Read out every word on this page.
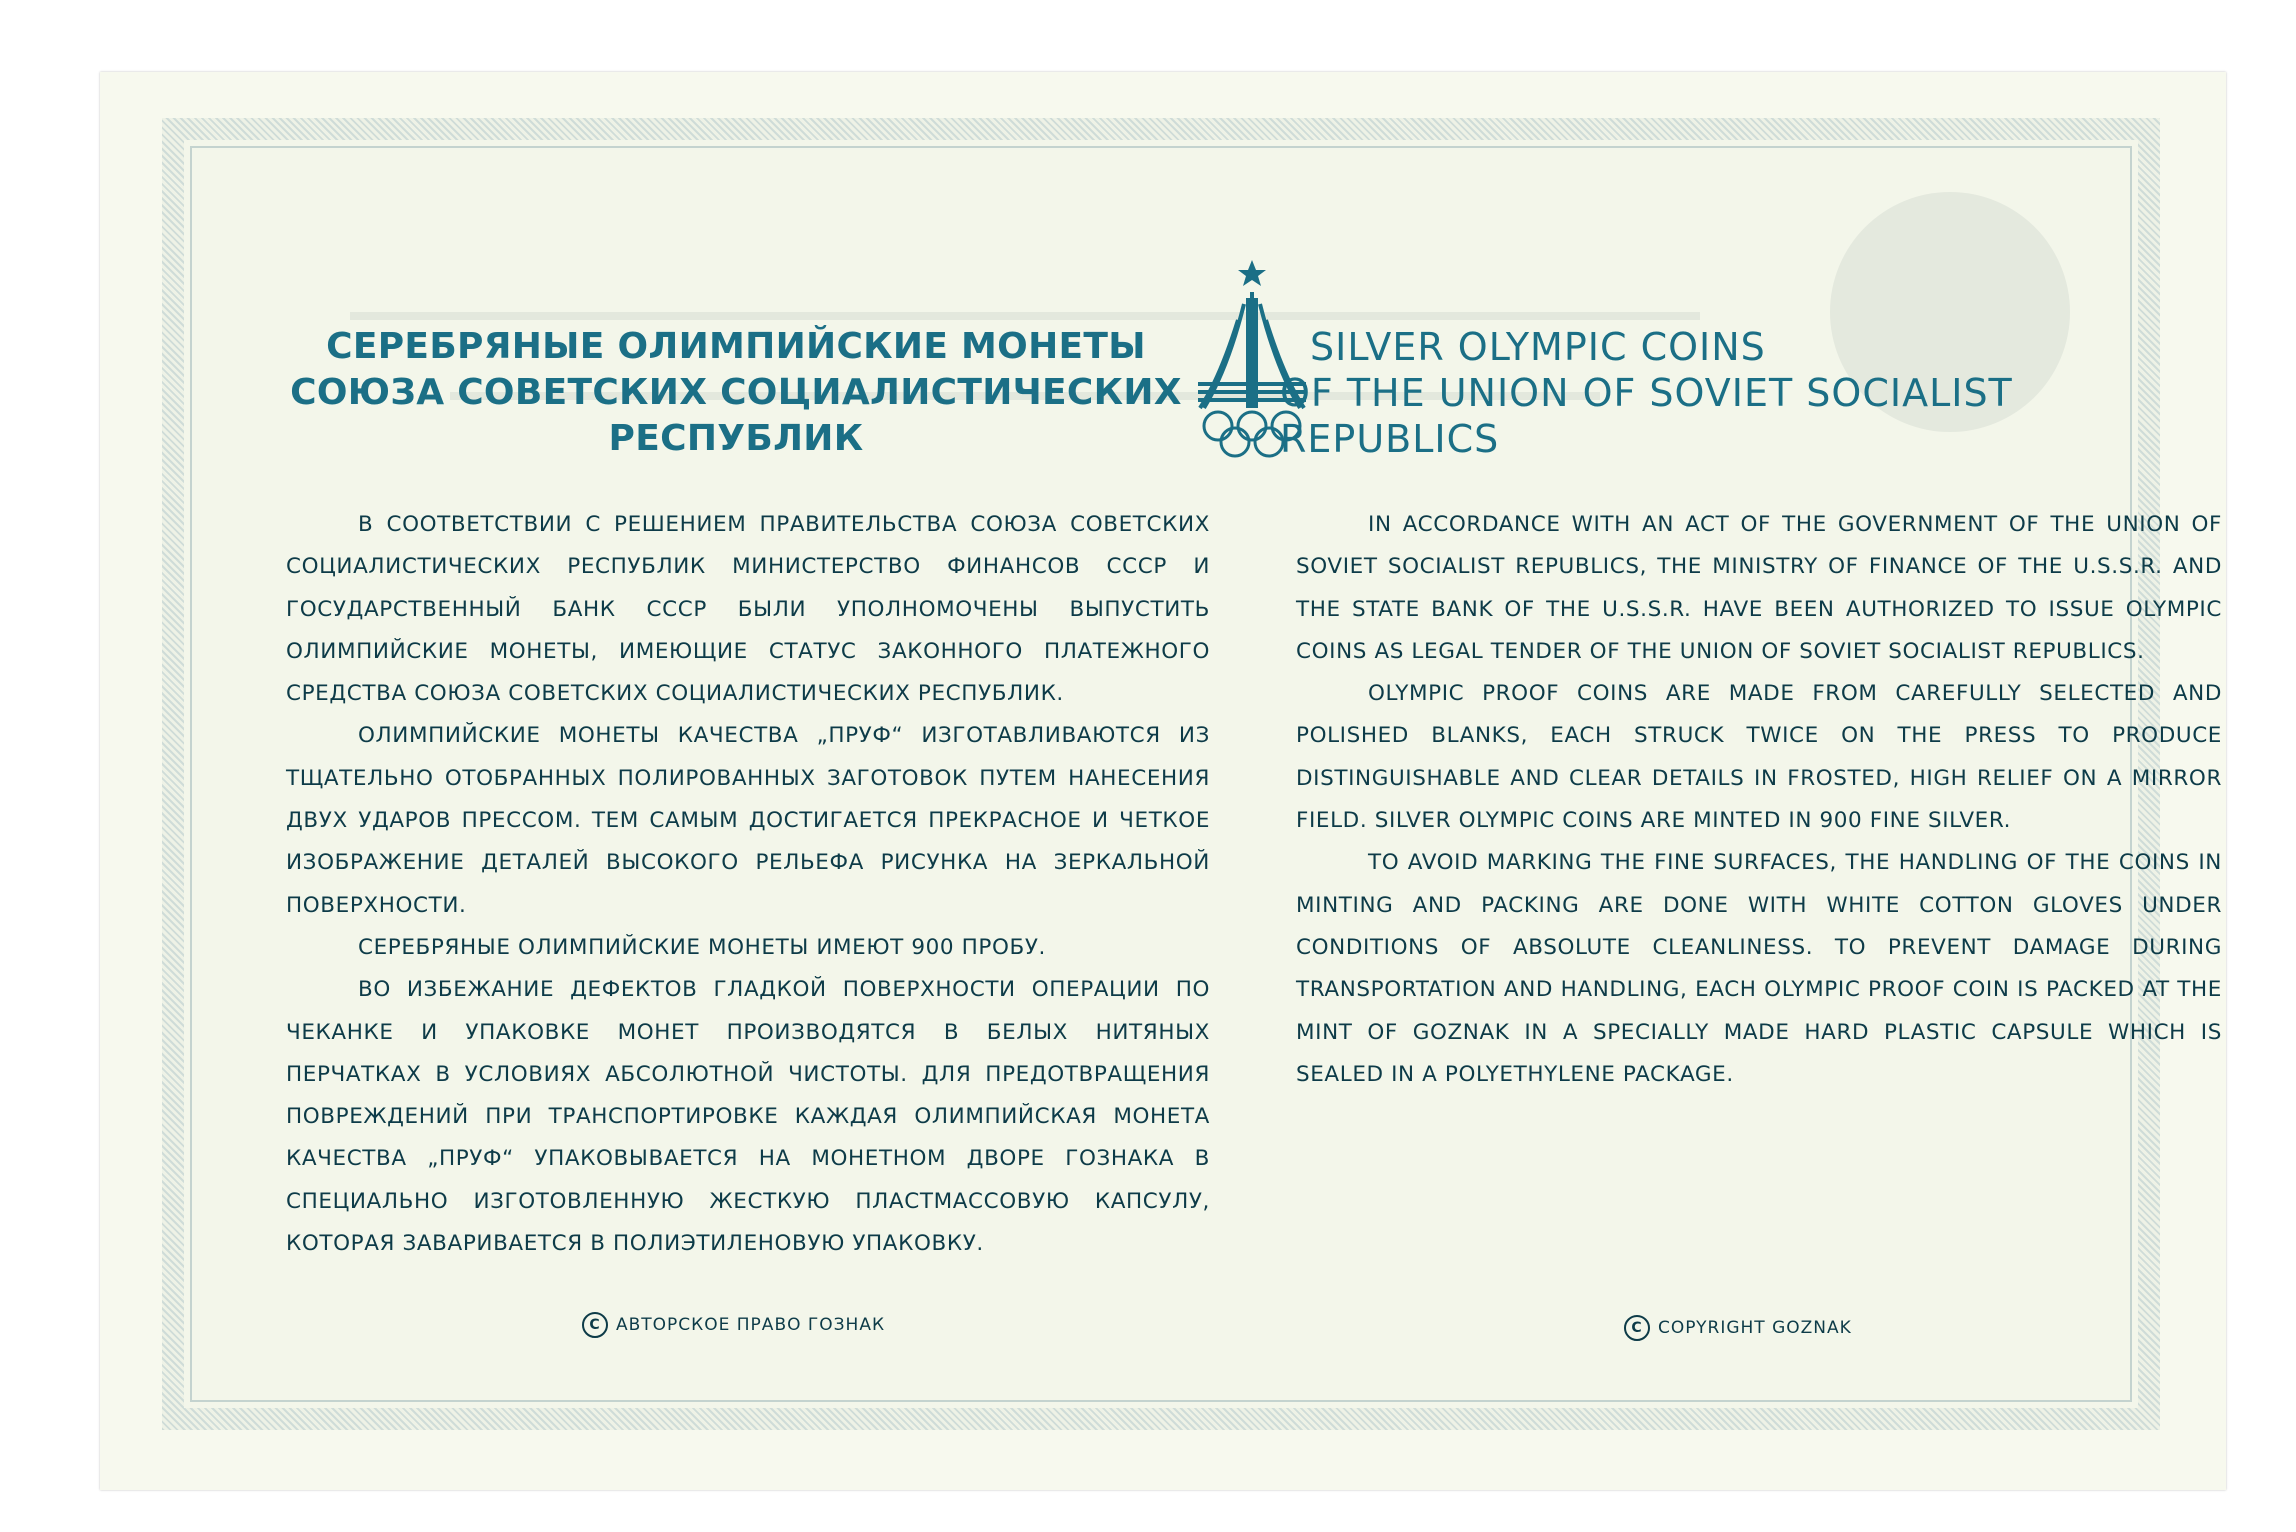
СЕРЕБРЯНЫЕ ОЛИМПИЙСКИЕ МОНЕТЫ
СОЮЗА СОВЕТСКИХ СОЦИАЛИСТИЧЕСКИХ РЕСПУБЛИК
SILVER OLYMPIC COINS
OF THE UNION OF SOVIET SOCIALIST REPUBLICS

В СООТВЕТСТВИИ С РЕШЕНИЕМ ПРАВИТЕЛЬСТВА СОЮЗА СОВЕТСКИХ СОЦИАЛИСТИЧЕСКИХ РЕСПУБЛИК МИНИСТЕРСТВО ФИНАНСОВ СССР И ГОСУДАРСТВЕННЫЙ БАНК СССР БЫЛИ УПОЛНОМОЧЕНЫ ВЫПУСТИТЬ ОЛИМПИЙСКИЕ МОНЕТЫ, ИМЕЮЩИЕ СТАТУС ЗАКОННОГО ПЛАТЕЖНОГО СРЕДСТВА СОЮЗА СОВЕТСКИХ СОЦИАЛИСТИЧЕСКИХ РЕСПУБЛИК.

ОЛИМПИЙСКИЕ МОНЕТЫ КАЧЕСТВА „ПРУФ“ ИЗГОТАВЛИВАЮТСЯ ИЗ ТЩАТЕЛЬНО ОТОБРАННЫХ ПОЛИРОВАННЫХ ЗАГОТОВОК ПУТЕМ НАНЕСЕНИЯ ДВУХ УДАРОВ ПРЕССОМ. ТЕМ САМЫМ ДОСТИГАЕТСЯ ПРЕКРАСНОЕ И ЧЕТКОЕ ИЗОБРАЖЕНИЕ ДЕТАЛЕЙ ВЫСОКОГО РЕЛЬЕФА РИСУНКА НА ЗЕРКАЛЬНОЙ ПОВЕРХНОСТИ.

СЕРЕБРЯНЫЕ ОЛИМПИЙСКИЕ МОНЕТЫ ИМЕЮТ 900 ПРОБУ.

ВО ИЗБЕЖАНИЕ ДЕФЕКТОВ ГЛАДКОЙ ПОВЕРХНОСТИ ОПЕРАЦИИ ПО ЧЕКАНКЕ И УПАКОВКЕ МОНЕТ ПРОИЗВОДЯТСЯ В БЕЛЫХ НИТЯНЫХ ПЕРЧАТКАХ В УСЛОВИЯХ АБСОЛЮТНОЙ ЧИСТОТЫ. ДЛЯ ПРЕДОТВРАЩЕНИЯ ПОВРЕЖДЕНИЙ ПРИ ТРАНСПОРТИРОВКЕ КАЖДАЯ ОЛИМПИЙСКАЯ МОНЕТА КАЧЕСТВА „ПРУФ“ УПАКОВЫВАЕТСЯ НА МОНЕТНОМ ДВОРЕ ГОЗНАКА В СПЕЦИАЛЬНО ИЗГОТОВЛЕННУЮ ЖЕСТКУЮ ПЛАСТМАССОВУЮ КАПСУЛУ, КОТОРАЯ ЗАВАРИВАЕТСЯ В ПОЛИЭТИЛЕНОВУЮ УПАКОВКУ.

IN ACCORDANCE WITH AN ACT OF THE GOVERNMENT OF THE UNION OF SOVIET SOCIALIST REPUBLICS, THE MINISTRY OF FINANCE OF THE U.S.S.R. AND THE STATE BANK OF THE U.S.S.R. HAVE BEEN AUTHORIZED TO ISSUE OLYMPIC COINS AS LEGAL TENDER OF THE UNION OF SOVIET SOCIALIST REPUBLICS.

OLYMPIC PROOF COINS ARE MADE FROM CAREFULLY SELECTED AND POLISHED BLANKS, EACH STRUCK TWICE ON THE PRESS TO PRODUCE DISTINGUISHABLE AND CLEAR DETAILS IN FROSTED, HIGH RELIEF ON A MIRROR FIELD. SILVER OLYMPIC COINS ARE MINTED IN 900 FINE SILVER.

TO AVOID MARKING THE FINE SURFACES, THE HANDLING OF THE COINS IN MINTING AND PACKING ARE DONE WITH WHITE COTTON GLOVES UNDER CONDITIONS OF ABSOLUTE CLEANLINESS. TO PREVENT DAMAGE DURING TRANSPORTATION AND HANDLING, EACH OLYMPIC PROOF COIN IS PACKED AT THE MINT OF GOZNAK IN A SPECIALLY MADE HARD PLASTIC CAPSULE WHICH IS SEALED IN A POLYETHYLENE PACKAGE.

C АВТОРСКОЕ ПРАВО ГОЗНАК	C COPYRIGHT GOZNAK
